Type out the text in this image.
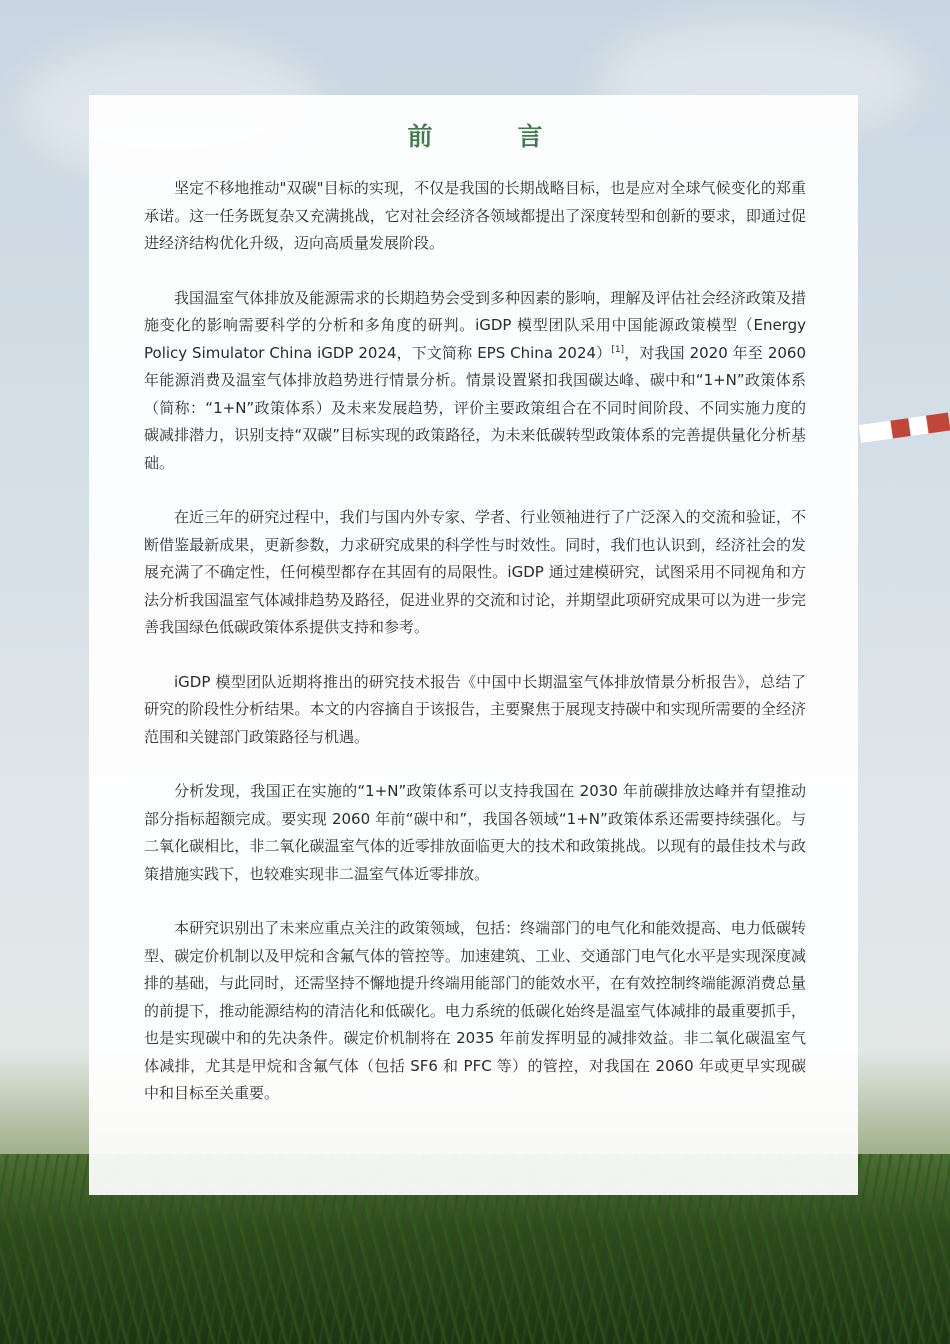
前　言

坚定不移地推动"双碳"目标的实现，不仅是我国的长期战略目标，也是应对全球气候变化的郑重承诺。这一任务既复杂又充满挑战，它对社会经济各领域都提出了深度转型和创新的要求，即通过促进经济结构优化升级，迈向高质量发展阶段。

我国温室气体排放及能源需求的长期趋势会受到多种因素的影响，理解及评估社会经济政策及措施变化的影响需要科学的分析和多角度的研判。iGDP 模型团队采用中国能源政策模型（Energy Policy Simulator China iGDP 2024，下文简称 EPS China 2024）[1]，对我国 2020 年至 2060 年能源消费及温室气体排放趋势进行情景分析。情景设置紧扣我国碳达峰、碳中和“1+N”政策体系（简称：“1+N”政策体系）及未来发展趋势，评价主要政策组合在不同时间阶段、不同实施力度的碳减排潜力，识别支持“双碳”目标实现的政策路径，为未来低碳转型政策体系的完善提供量化分析基础。

在近三年的研究过程中，我们与国内外专家、学者、行业领袖进行了广泛深入的交流和验证，不断借鉴最新成果，更新参数，力求研究成果的科学性与时效性。同时，我们也认识到，经济社会的发展充满了不确定性，任何模型都存在其固有的局限性。iGDP 通过建模研究，试图采用不同视角和方法分析我国温室气体减排趋势及路径，促进业界的交流和讨论，并期望此项研究成果可以为进一步完善我国绿色低碳政策体系提供支持和参考。

iGDP 模型团队近期将推出的研究技术报告《中国中长期温室气体排放情景分析报告》，总结了研究的阶段性分析结果。本文的内容摘自于该报告，主要聚焦于展现支持碳中和实现所需要的全经济范围和关键部门政策路径与机遇。

分析发现，我国正在实施的“1+N”政策体系可以支持我国在 2030 年前碳排放达峰并有望推动部分指标超额完成。要实现 2060 年前“碳中和”，我国各领域“1+N”政策体系还需要持续强化。与二氧化碳相比，非二氧化碳温室气体的近零排放面临更大的技术和政策挑战。以现有的最佳技术与政策措施实践下，也较难实现非二温室气体近零排放。

本研究识别出了未来应重点关注的政策领域，包括：终端部门的电气化和能效提高、电力低碳转型、碳定价机制以及甲烷和含氟气体的管控等。加速建筑、工业、交通部门电气化水平是实现深度减排的基础，与此同时，还需坚持不懈地提升终端用能部门的能效水平，在有效控制终端能源消费总量的前提下，推动能源结构的清洁化和低碳化。电力系统的低碳化始终是温室气体减排的最重要抓手，也是实现碳中和的先决条件。碳定价机制将在 2035 年前发挥明显的减排效益。非二氧化碳温室气体减排，尤其是甲烷和含氟气体（包括 SF6 和 PFC 等）的管控，对我国在 2060 年或更早实现碳中和目标至关重要。
